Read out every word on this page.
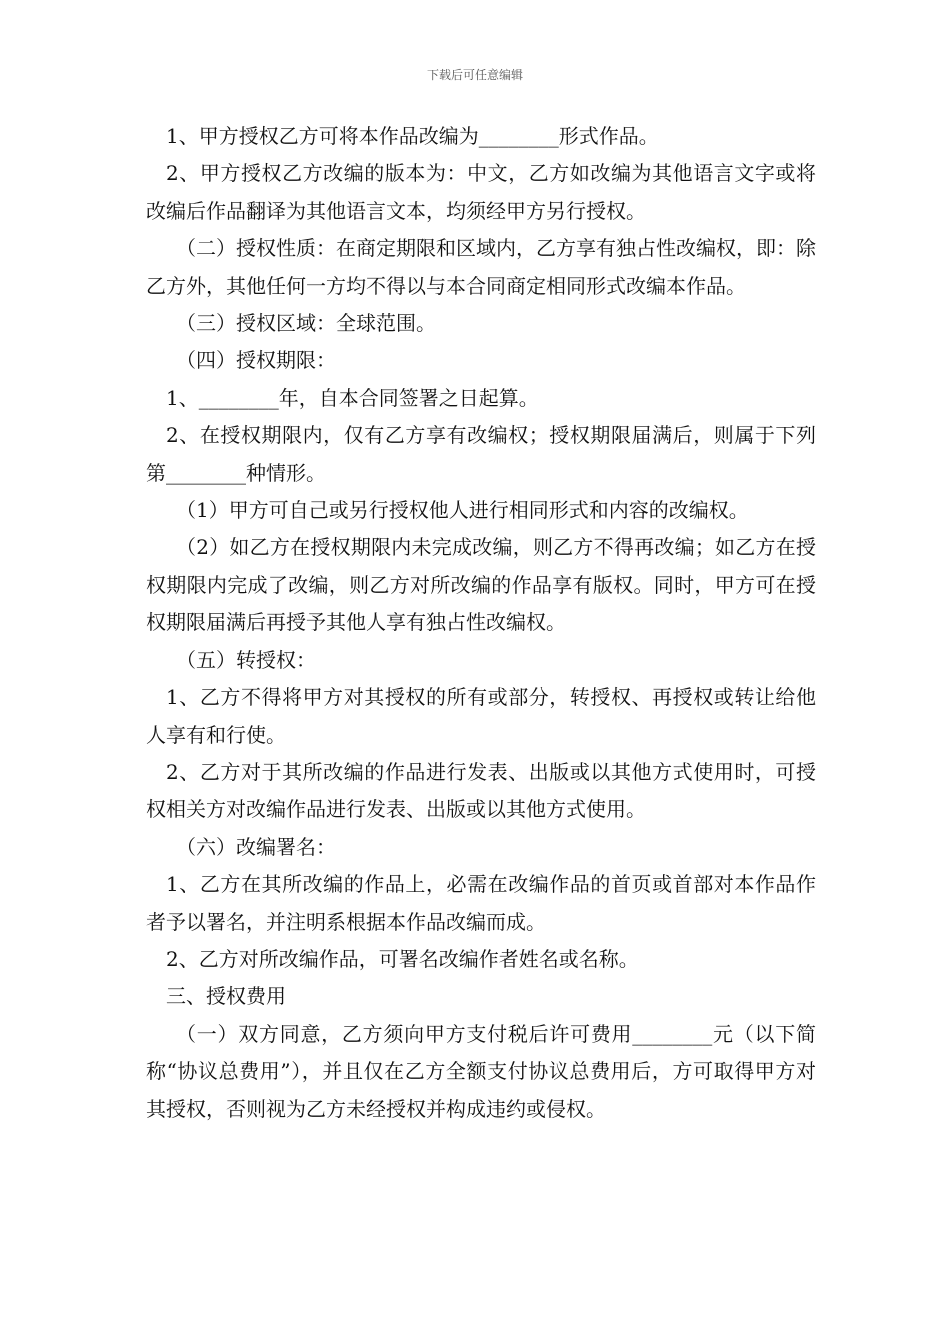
下载后可任意编辑

1、甲方授权乙方可将本作品改编为________形式作品。

2、甲方授权乙方改编的版本为：中文，乙方如改编为其他语言文字或将改编后作品翻译为其他语言文本，均须经甲方另行授权。

（二）授权性质：在商定期限和区域内，乙方享有独占性改编权，即：除乙方外，其他任何一方均不得以与本合同商定相同形式改编本作品。

（三）授权区域：全球范围。

（四）授权期限：

1、________年，自本合同签署之日起算。

2、在授权期限内，仅有乙方享有改编权；授权期限届满后，则属于下列第________种情形。

（1）甲方可自己或另行授权他人进行相同形式和内容的改编权。

（2）如乙方在授权期限内未完成改编，则乙方不得再改编；如乙方在授权期限内完成了改编，则乙方对所改编的作品享有版权。同时，甲方可在授权期限届满后再授予其他人享有独占性改编权。

（五）转授权：

1、乙方不得将甲方对其授权的所有或部分，转授权、再授权或转让给他人享有和行使。

2、乙方对于其所改编的作品进行发表、出版或以其他方式使用时，可授权相关方对改编作品进行发表、出版或以其他方式使用。

（六）改编署名：

1、乙方在其所改编的作品上，必需在改编作品的首页或首部对本作品作者予以署名，并注明系根据本作品改编而成。

2、乙方对所改编作品，可署名改编作者姓名或名称。

三、授权费用

（一）双方同意，乙方须向甲方支付税后许可费用________元（以下简称“协议总费用”），并且仅在乙方全额支付协议总费用后，方可取得甲方对其授权，否则视为乙方未经授权并构成违约或侵权。
